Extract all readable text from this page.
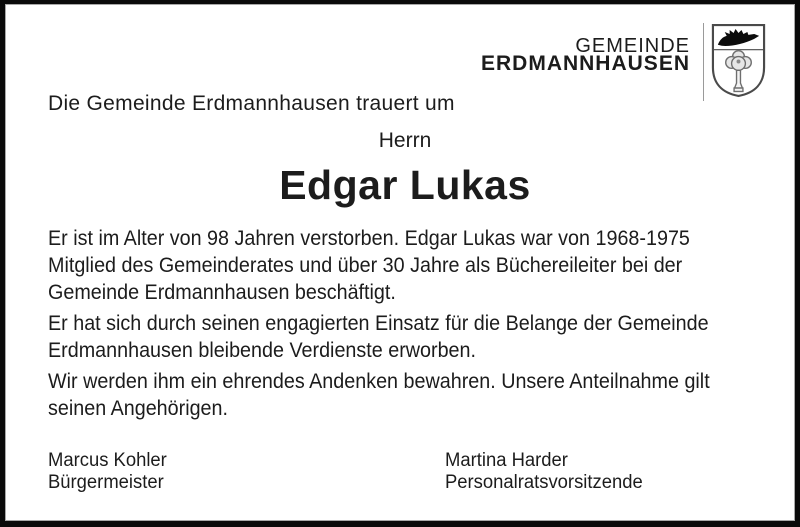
GEMEINDE
ERDMANNHAUSEN
Die Gemeinde Erdmannhausen trauert um
Herrn
Edgar Lukas
Er ist im Alter von 98 Jahren verstorben. Edgar Lukas war von 1968-1975
Mitglied des Gemeinderates und über 30 Jahre als Büchereileiter bei der
Gemeinde Erdmannhausen beschäftigt.
Er hat sich durch seinen engagierten Einsatz für die Belange der Gemeinde
Erdmannhausen bleibende Verdienste erworben.
Wir werden ihm ein ehrendes Andenken bewahren. Unsere Anteilnahme gilt
seinen Angehörigen.
Marcus Kohler
Bürgermeister
Martina Harder
Personalratsvorsitzende
